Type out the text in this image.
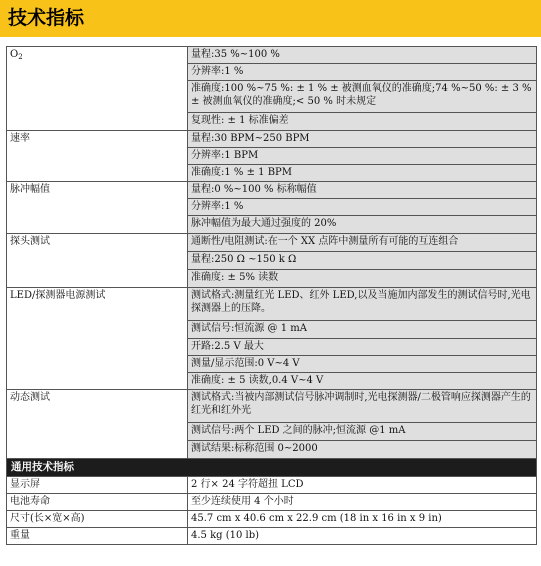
技术指标
$O_2$	量程:35 %~100 %
	分辨率:1 %
	准确度:100 %~75 %: ± 1 % ± 被测血氧仪的准确度;74 %~50 %: ± 3 % ± 被测血氧仪的准确度;< 50 % 时未规定
	复现性: ± 1 标准偏差
速率	量程:30 BPM~250 BPM
	分辨率:1 BPM
	准确度:1 % ± 1 BPM
脉冲幅值	量程:0 %~100 % 标称幅值
	分辨率:1 %
	脉冲幅值为最大通过强度的 20%
探头测试	通断性/电阻测试:在一个 XX 点阵中测量所有可能的互连组合
	量程:250 Ω ~150 k Ω
	准确度: ± 5% 读数
LED/探测器电源测试	测试格式:测量红光 LED、红外 LED,以及当施加内部发生的测试信号时,光电探测器上的压降。
	测试信号:恒流源 @ 1 mA
	开路:2.5 V 最大
	测量/显示范围:0 V~4 V
	准确度: ± 5 读数,0.4 V~4 V
动态测试	测试格式:当被内部测试信号脉冲调制时,光电探测器/二极管响应探测器产生的红光和红外光
	测试信号:两个 LED 之间的脉冲;恒流源 @1 mA
	测试结果:标称范围 0~2000
通用技术指标	
显示屏	2 行× 24 字符超扭 LCD
电池寿命	至少连续使用 4 个小时
尺寸(长×宽×高)	45.7 cm x 40.6 cm x 22.9 cm (18 in x 16 in x 9 in)
重量	4.5 kg (10 lb)
